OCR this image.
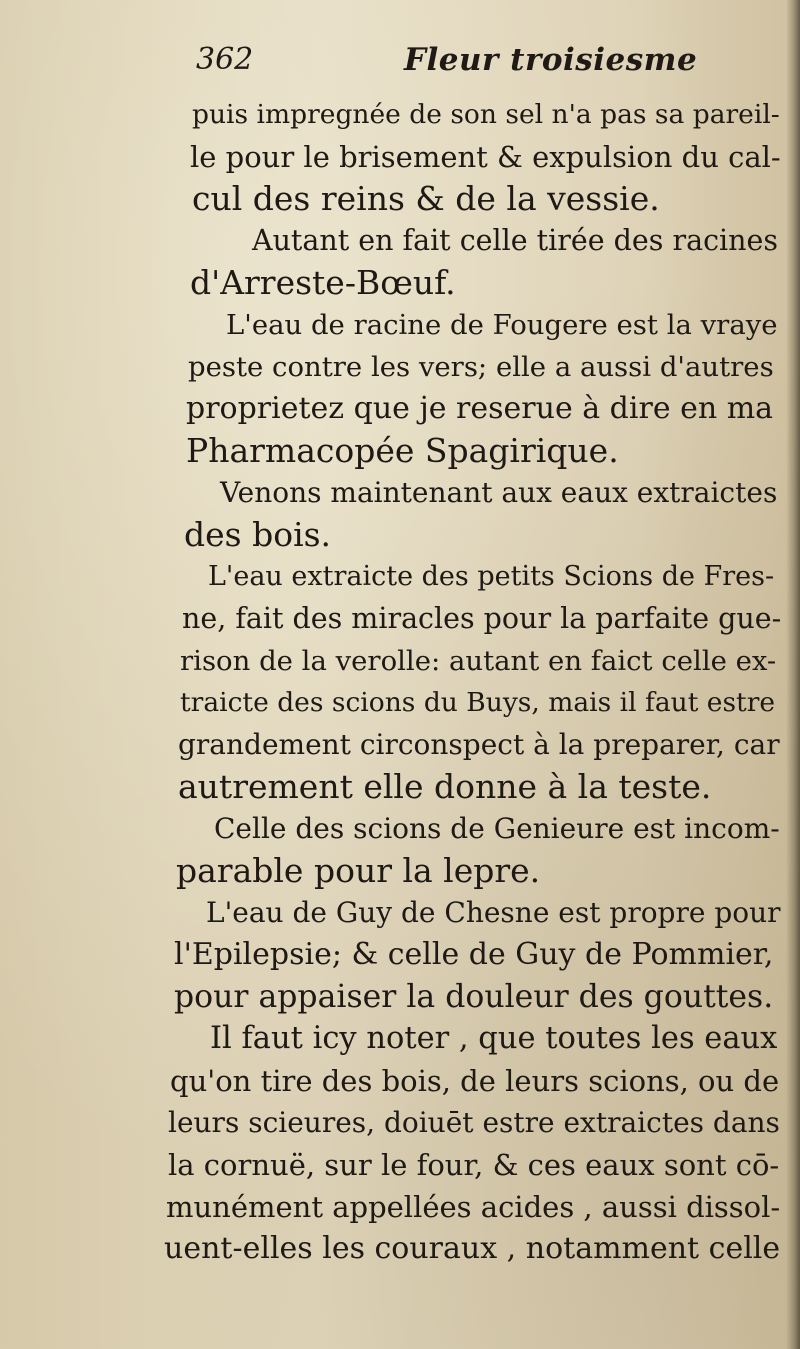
362	Fleur troisiesme
puis impregnée de son sel n'a pas sa pareil-
le pour le brisement & expulsion du cal-
cul des reins & de la vessie.
Autant en fait celle tirée des racines
d'Arreste-Bœuf.
L'eau de racine de Fougere est la vraye
peste contre les vers; elle a aussi d'autres
proprietez que je reserue à dire en ma
Pharmacopée Spagirique.
Venons maintenant aux eaux extraictes
des bois.
L'eau extraicte des petits Scions de Fres-
ne, fait des miracles pour la parfaite gue-
rison de la verolle: autant en faict celle ex-
traicte des scions du Buys, mais il faut estre
grandement circonspect à la preparer, car
autrement elle donne à la teste.
Celle des scions de Genieure est incom-
parable pour la lepre.
L'eau de Guy de Chesne est propre pour
l'Epilepsie; & celle de Guy de Pommier,
pour appaiser la douleur des gouttes.
Il faut icy noter , que toutes les eaux
qu'on tire des bois, de leurs scions, ou de
leurs scieures, doiuēt estre extraictes dans
la cornuë, sur le four, & ces eaux sont cō-
munément appellées acides , aussi dissol-
uent-elles les couraux , notamment celle
